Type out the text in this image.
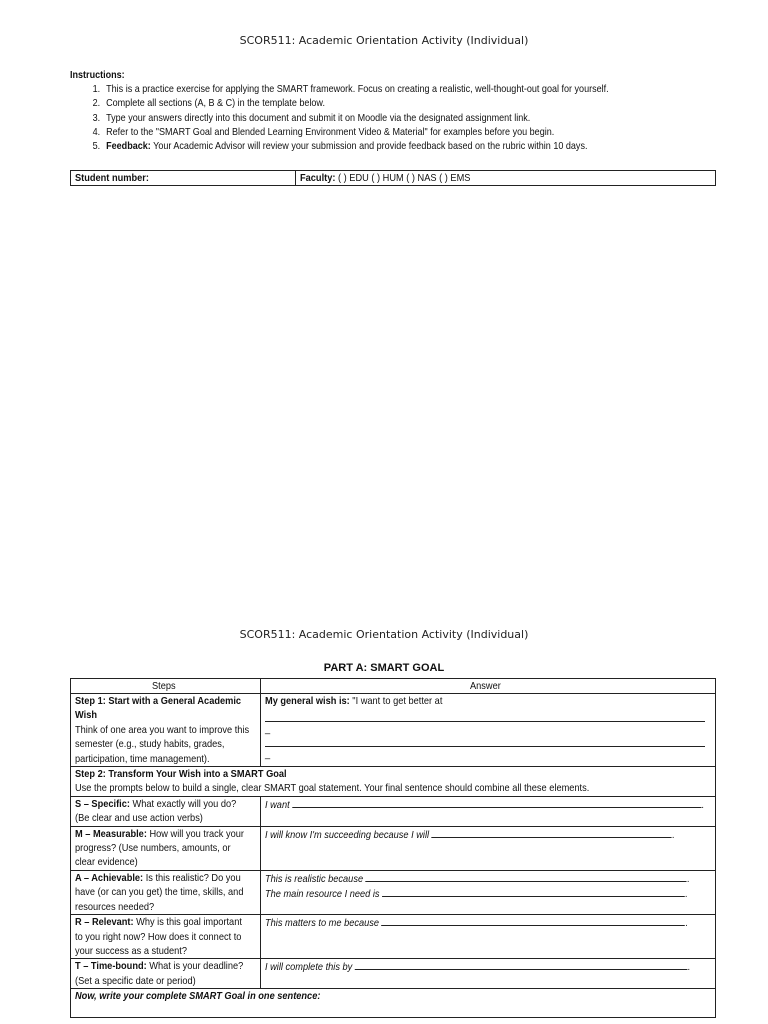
SCOR511: Academic Orientation Activity (Individual)
Instructions:
1. This is a practice exercise for applying the SMART framework. Focus on creating a realistic, well-thought-out goal for yourself.
2. Complete all sections (A, B & C) in the template below.
3. Type your answers directly into this document and submit it on Moodle via the designated assignment link.
4. Refer to the "SMART Goal and Blended Learning Environment Video & Material" for examples before you begin.
5. Feedback: Your Academic Advisor will review your submission and provide feedback based on the rubric within 10 days.
Student number:	Faculty: ( ) EDU ( ) HUM ( ) NAS ( ) EMS
SCOR511: Academic Orientation Activity (Individual)
PART A: SMART GOAL
Steps	Answer
Step 1: Start with a General Academic Wish
Think of one area you want to improve this semester (e.g., study habits, grades, participation, time management).	My general wish is: "I want to get better at
_
_
Step 2: Transform Your Wish into a SMART Goal
Use the prompts below to build a single, clear SMART goal statement. Your final sentence should combine all these elements.	
S – Specific: What exactly will you do? (Be clear and use action verbs)	I want .
M – Measurable: How will you track your progress? (Use numbers, amounts, or clear evidence)	I will know I'm succeeding because I will .
A – Achievable: Is this realistic? Do you have (or can you get) the time, skills, and resources needed?	This is realistic because .
The main resource I need is .
R – Relevant: Why is this goal important to you right now? How does it connect to your success as a student?	This matters to me because .
T – Time-bound: What is your deadline? (Set a specific date or period)	I will complete this by .
Now, write your complete SMART Goal in one sentence:	
